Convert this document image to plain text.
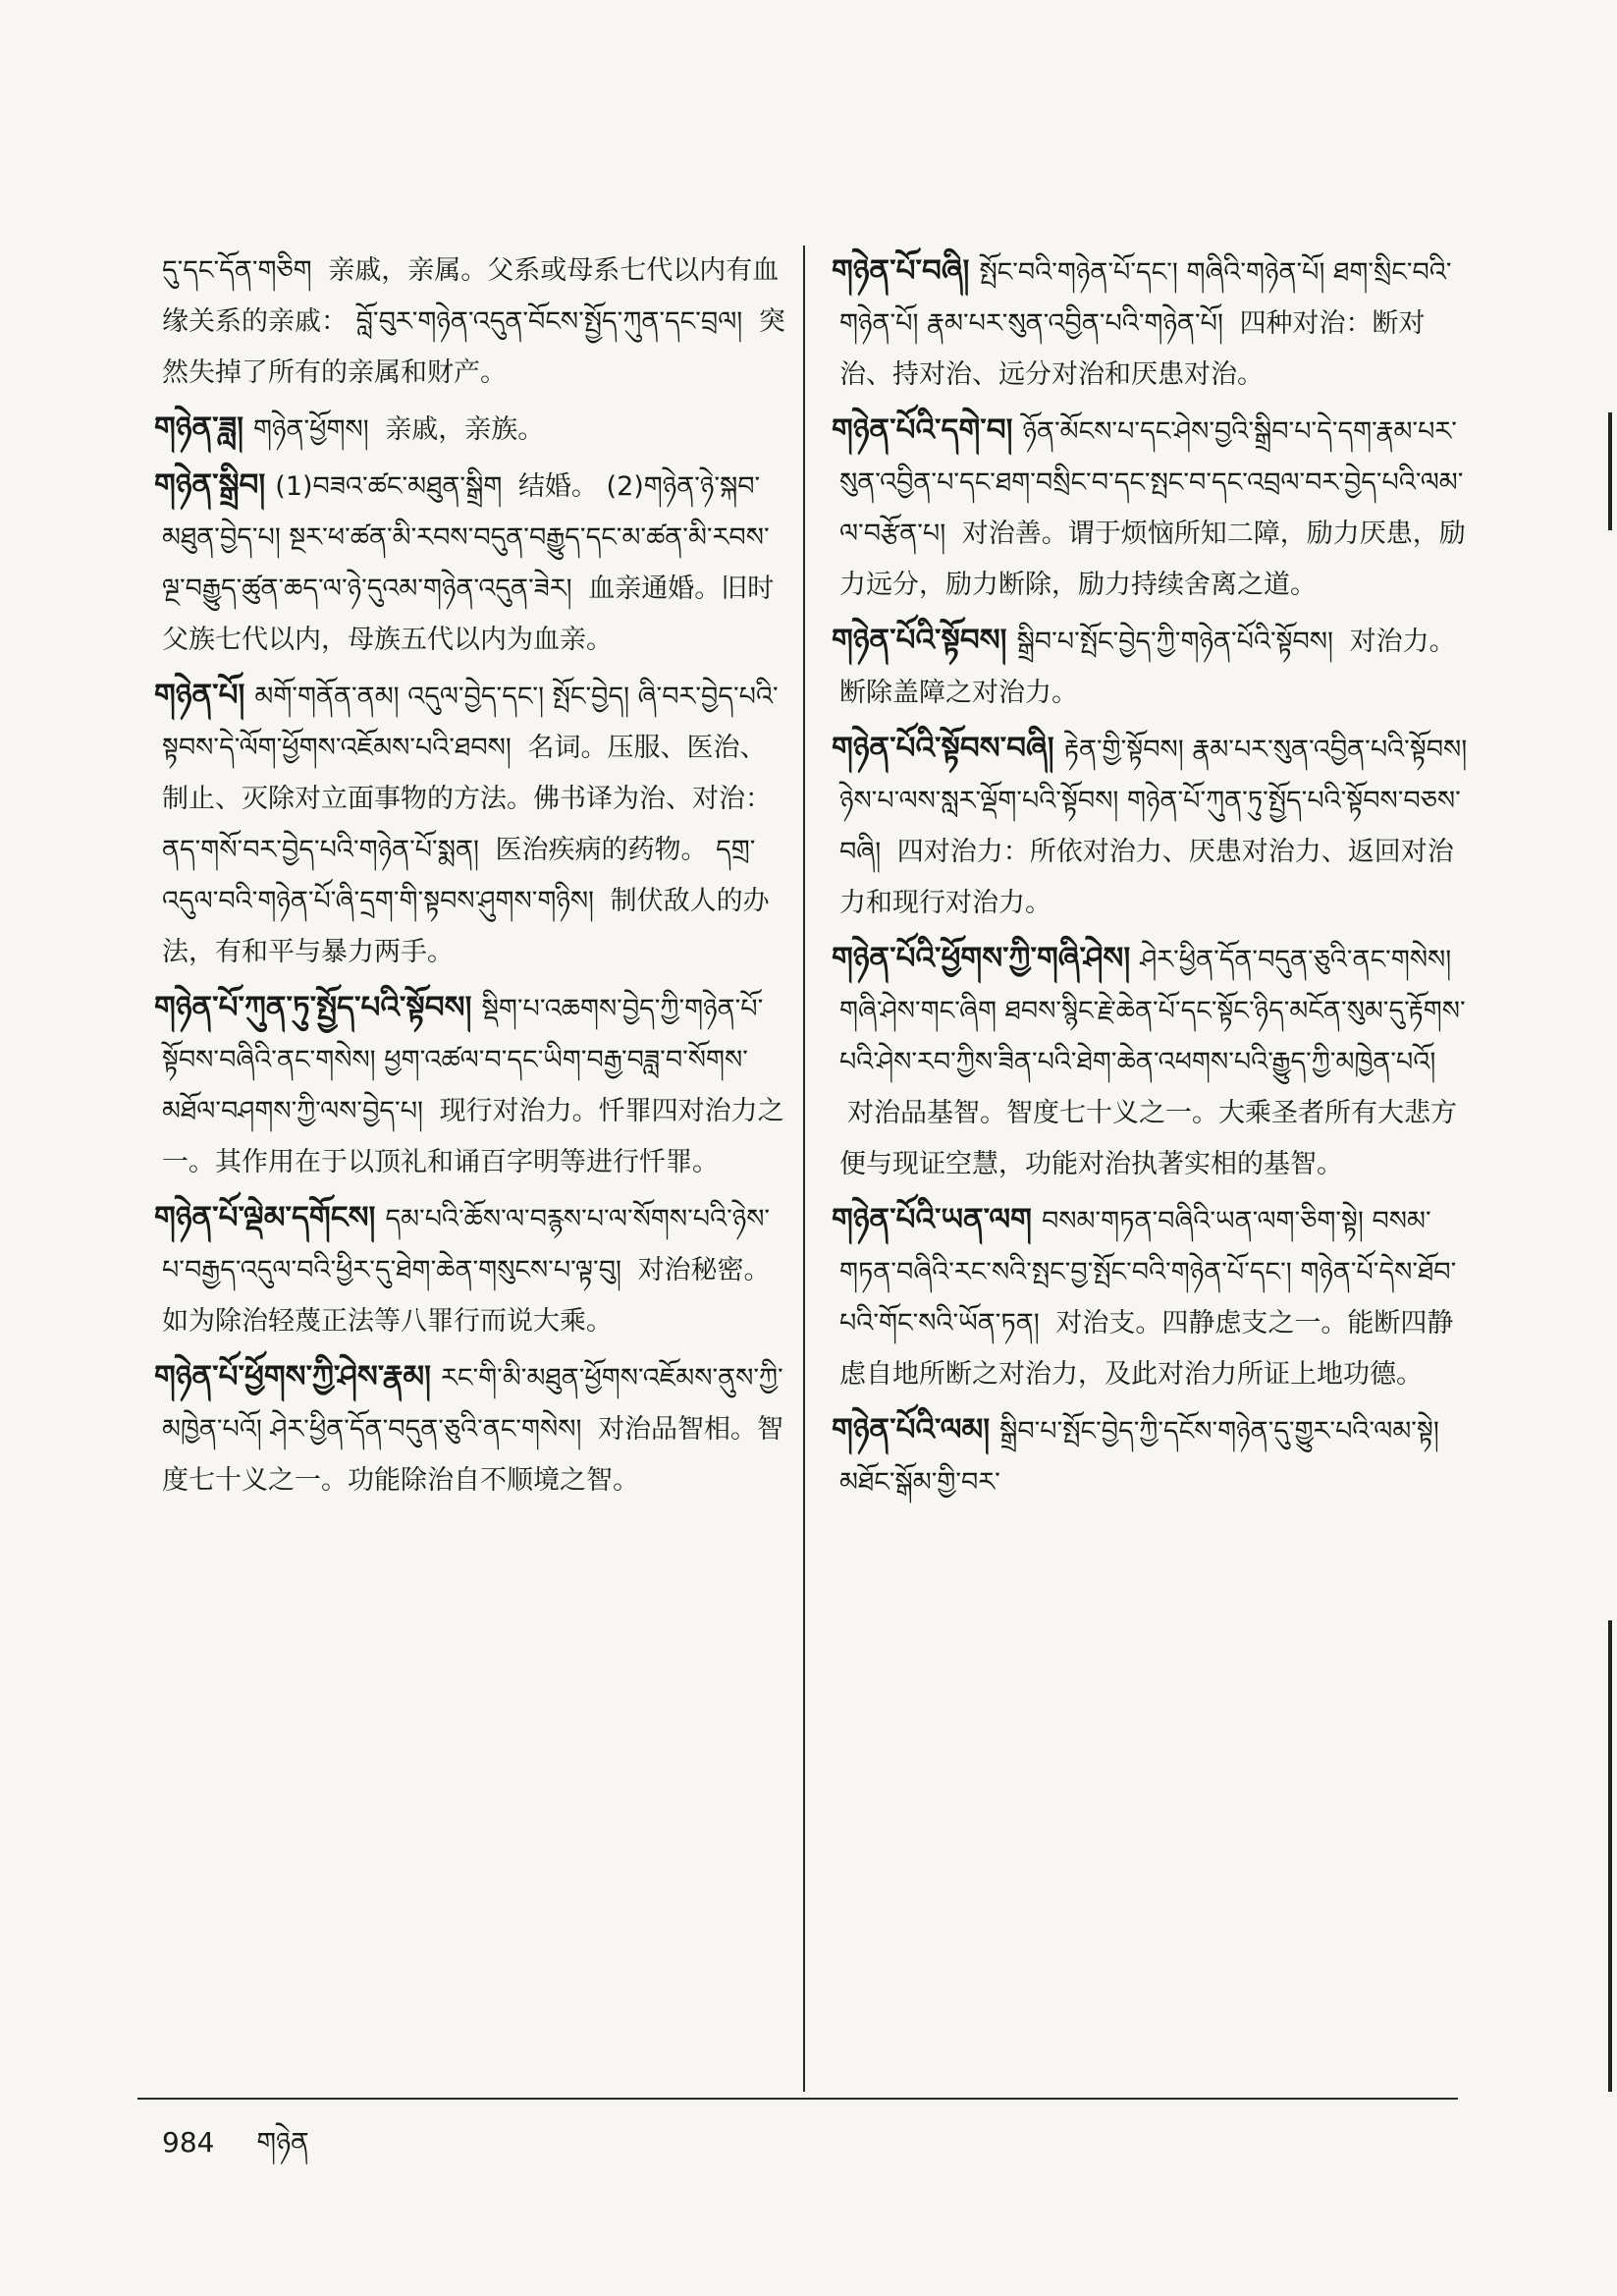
དུ་དང་དོན་གཅིག 亲戚，亲属。父系或母系七代以内有血缘关系的亲戚： བློ་བུར་གཉེན་འདུན་བོངས་སྤྱོད་ཀུན་དང་བྲལ། 突然失掉了所有的亲属和财产。
གཉེན་ཟླ། གཉེན་ཕྱོགས། 亲戚，亲族。
གཉེན་སྒྲིབ། (1)བཟའ་ཚང་མཐུན་སྒྲིག 结婚。 (2)གཉེན་ཉེ་སྐབ་མཐུན་བྱེད་པ། སྔར་ཕ་ཚན་མི་རབས་བདུན་བརྒྱུད་དང་མ་ཚན་མི་རབས་ལྔ་བརྒྱུད་ཚུན་ཆད་ལ་ཉེ་དུའམ་གཉེན་འདུན་ཟེར། 血亲通婚。旧时父族七代以内，母族五代以内为血亲。
གཉེན་པོ། མགོ་གནོན་ནམ། འདུལ་བྱེད་དང་། སྤོང་བྱེད། ཞི་བར་བྱེད་པའི་སྟབས་དེ་ལོག་ཕྱོགས་འཇོམས་པའི་ཐབས། 名词。压服、医治、制止、灭除对立面事物的方法。佛书译为治、对治： ནད་གསོ་བར་བྱེད་པའི་གཉེན་པོ་སྨན། 医治疾病的药物。 དགྲ་འདུལ་བའི་གཉེན་པོ་ཞི་དྲག་གི་སྟབས་ཤུགས་གཉིས། 制伏敌人的办法，有和平与暴力两手。
གཉེན་པོ་ཀུན་ཏུ་སྤྱོད་པའི་སྟོབས། སྡིག་པ་འཆགས་བྱེད་ཀྱི་གཉེན་པོ་སྟོབས་བཞིའི་ནང་གསེས། ཕྱག་འཚལ་བ་དང་ཡིག་བརྒྱ་བཟླ་བ་སོགས་མཐོལ་བཤགས་ཀྱི་ལས་བྱེད་པ། 现行对治力。忏罪四对治力之一。其作用在于以顶礼和诵百字明等进行忏罪。
གཉེན་པོ་ལྡེམ་དགོངས། དམ་པའི་ཆོས་ལ་བརྙས་པ་ལ་སོགས་པའི་ཉེས་པ་བརྒྱད་འདུལ་བའི་ཕྱིར་དུ་ཐེག་ཆེན་གསུངས་པ་ལྟ་བུ། 对治秘密。如为除治轻蔑正法等八罪行而说大乘。
གཉེན་པོ་ཕྱོགས་ཀྱི་ཤེས་རྣམ། རང་གི་མི་མཐུན་ཕྱོགས་འཇོམས་ནུས་ཀྱི་མཁྱེན་པའོ། ཤེར་ཕྱིན་དོན་བདུན་ཅུའི་ནང་གསེས། 对治品智相。智度七十义之一。功能除治自不顺境之智。
གཉེན་པོ་བཞི། སྤོང་བའི་གཉེན་པོ་དང་། གཞིའི་གཉེན་པོ། ཐག་སྲིང་བའི་གཉེན་པོ། རྣམ་པར་སུན་འབྱིན་པའི་གཉེན་པོ། 四种对治：断对治、持对治、远分对治和厌患对治。
གཉེན་པོའི་དགེ་བ། ཉོན་མོངས་པ་དང་ཤེས་བྱའི་སྒྲིབ་པ་དེ་དག་རྣམ་པར་སུན་འབྱིན་པ་དང་ཐག་བསྲིང་བ་དང་སྤང་བ་དང་འབྲལ་བར་བྱེད་པའི་ལམ་ལ་བརྩོན་པ། 对治善。谓于烦恼所知二障，励力厌患，励力远分，励力断除，励力持续舍离之道。
གཉེན་པོའི་སྟོབས། སྒྲིབ་པ་སྤོང་བྱེད་ཀྱི་གཉེན་པོའི་སྟོབས། 对治力。断除盖障之对治力。
གཉེན་པོའི་སྟོབས་བཞི། རྟེན་གྱི་སྟོབས། རྣམ་པར་སུན་འབྱིན་པའི་སྟོབས། ཉེས་པ་ལས་སླར་ལྡོག་པའི་སྟོབས། གཉེན་པོ་ཀུན་ཏུ་སྤྱོད་པའི་སྟོབས་བཅས་བཞི། 四对治力：所依对治力、厌患对治力、返回对治力和现行对治力。
གཉེན་པོའི་ཕྱོགས་ཀྱི་གཞི་ཤེས། ཤེར་ཕྱིན་དོན་བདུན་ཅུའི་ནང་གསེས། གཞི་ཤེས་གང་ཞིག ཐབས་སྙིང་རྗེ་ཆེན་པོ་དང་སྟོང་ཉིད་མངོན་སུམ་དུ་རྟོགས་པའི་ཤེས་རབ་ཀྱིས་ཟིན་པའི་ཐེག་ཆེན་འཕགས་པའི་རྒྱུད་ཀྱི་མཁྱེན་པའོ། 对治品基智。智度七十义之一。大乘圣者所有大悲方便与现证空慧，功能对治执著实相的基智。
གཉེན་པོའི་ཡན་ལག བསམ་གཏན་བཞིའི་ཡན་ལག་ཅིག་སྟེ། བསམ་གཏན་བཞིའི་རང་སའི་སྤང་བྱ་སྤོང་བའི་གཉེན་པོ་དང་། གཉེན་པོ་དེས་ཐོབ་པའི་གོང་སའི་ཡོན་ཏན། 对治支。四静虑支之一。能断四静虑自地所断之对治力，及此对治力所证上地功德。
གཉེན་པོའི་ལམ། སྒྲིབ་པ་སྤོང་བྱེད་ཀྱི་དངོས་གཉེན་དུ་གྱུར་པའི་ལམ་སྟེ། མཐོང་སྒོམ་གྱི་བར་
984 གཉེན
